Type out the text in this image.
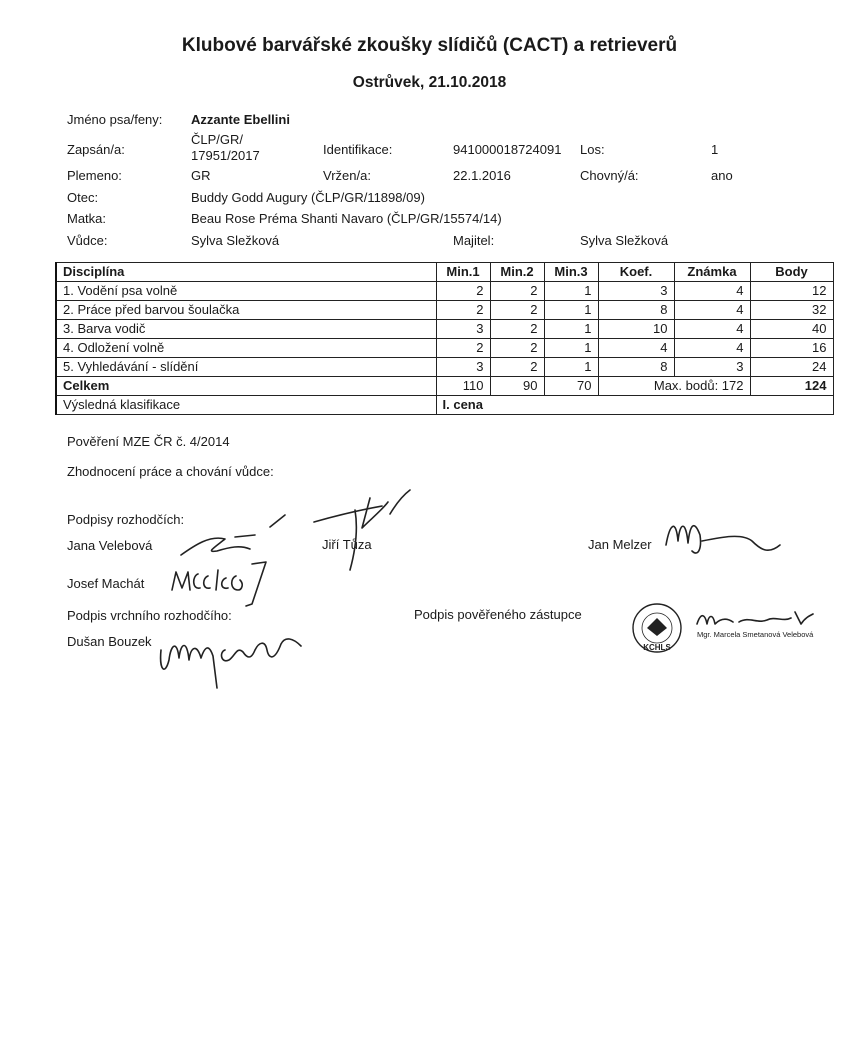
Klubové barvářské zkoušky slídičů (CACT) a retrieverů
Ostrůvek, 21.10.2018
Jméno psa/feny: Azzante Ebellini
Zapsán/a:
ČLP/GR/
17951/2017	Identifikace:	941000018724091 Los:	1
Plemeno:	GR	Vržen/a:	22.1.2016	Chovný/á:	ano
Otec:	Buddy Godd Augury (ČLP/GR/11898/09)
Matka:	Beau Rose Préma Shanti Navaro (ČLP/GR/15574/14)
Vůdce:	Sylva Sležková	Majitel:	Sylva Sležková
Disciplína	Min.1	Min.2	Min.3	Koef.	Známka	Body
1. Vodění psa volně	2	2	1	3	4	12
2. Práce před barvou šoulačka	2	2	1	8	4	32
3. Barva vodič	3	2	1	10	4	40
4. Odložení volně	2	2	1	4	4	16
5. Vyhledávání - slídění	3	2	1	8	3	24
Celkem	110	90	70	Max. bodů: 172		124
Výsledná klasifikace	I. cena					
Pověření MZE ČR č. 4/2014
Zhodnocení práce a chování vůdce:
Podpisy rozhodčích:
Jana Velebová	Jiří Tůza	Jan Melzer
Josef Machát
Podpis vrchního rozhodčího:	Podpis pověřeného zástupce
Dušan Bouzek	KCHLS
Mgr. Marcela Smetanová Velebová
